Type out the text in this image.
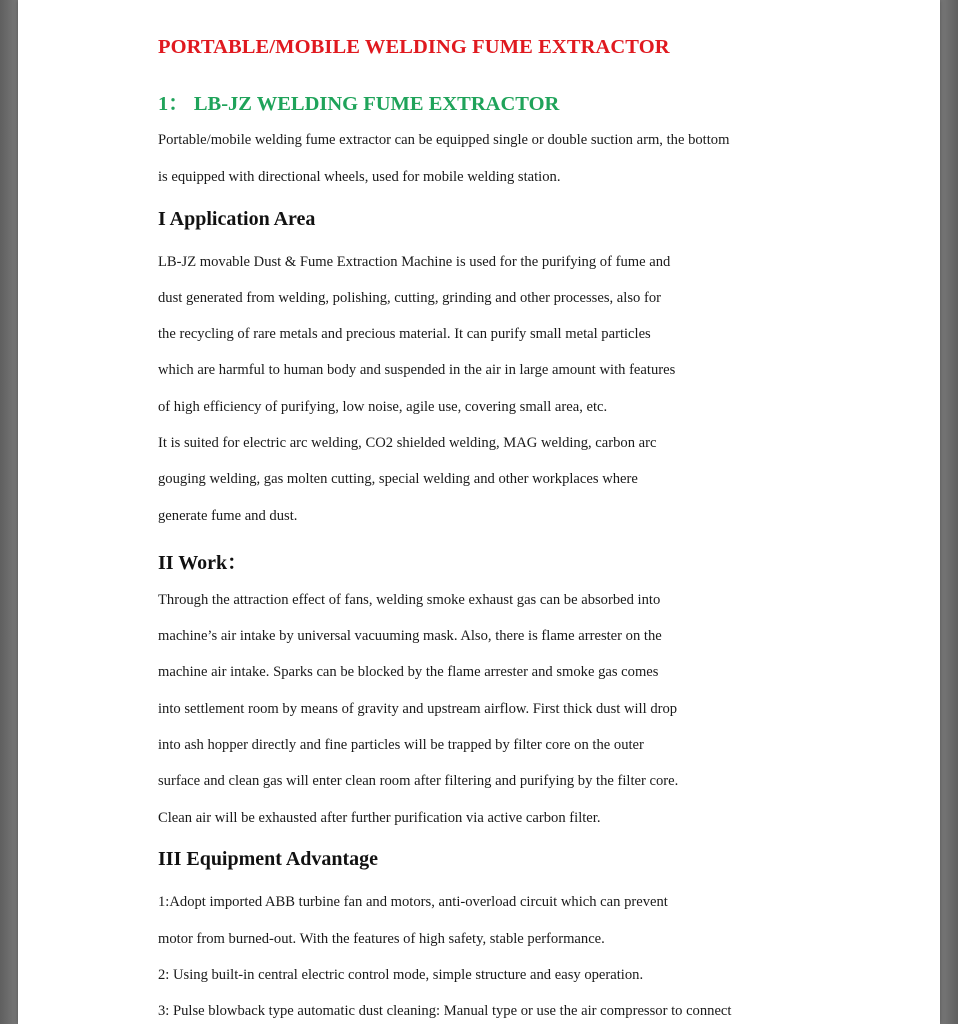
PORTABLE/MOBILE WELDING FUME EXTRACTOR
1： LB-JZ WELDING FUME EXTRACTOR

Portable/mobile welding fume extractor can be equipped single or double suction arm, the bottom

is equipped with directional wheels, used for mobile welding station.

I Application Area

LB-JZ movable Dust & Fume Extraction Machine is used for the purifying of fume and

dust generated from welding, polishing, cutting, grinding and other processes, also for

the recycling of rare metals and precious material. It can purify small metal particles

which are harmful to human body and suspended in the air in large amount with features

of high efficiency of purifying, low noise, agile use, covering small area, etc.

It is suited for electric arc welding, CO2 shielded welding, MAG welding, carbon arc

gouging welding, gas molten cutting, special welding and other workplaces where

generate fume and dust.

II Work：

Through the attraction effect of fans, welding smoke exhaust gas can be absorbed into

machine’s air intake by universal vacuuming mask. Also, there is flame arrester on the

machine air intake. Sparks can be blocked by the flame arrester and smoke gas comes

into settlement room by means of gravity and upstream airflow. First thick dust will drop

into ash hopper directly and fine particles will be trapped by filter core on the outer

surface and clean gas will enter clean room after filtering and purifying by the filter core.

Clean air will be exhausted after further purification via active carbon filter.

III Equipment Advantage

1:Adopt imported ABB turbine fan and motors, anti-overload circuit which can prevent

motor from burned-out. With the features of high safety, stable performance.

2: Using built-in central electric control mode, simple structure and easy operation.

3: Pulse blowback type automatic dust cleaning: Manual type or use the air compressor to connect
